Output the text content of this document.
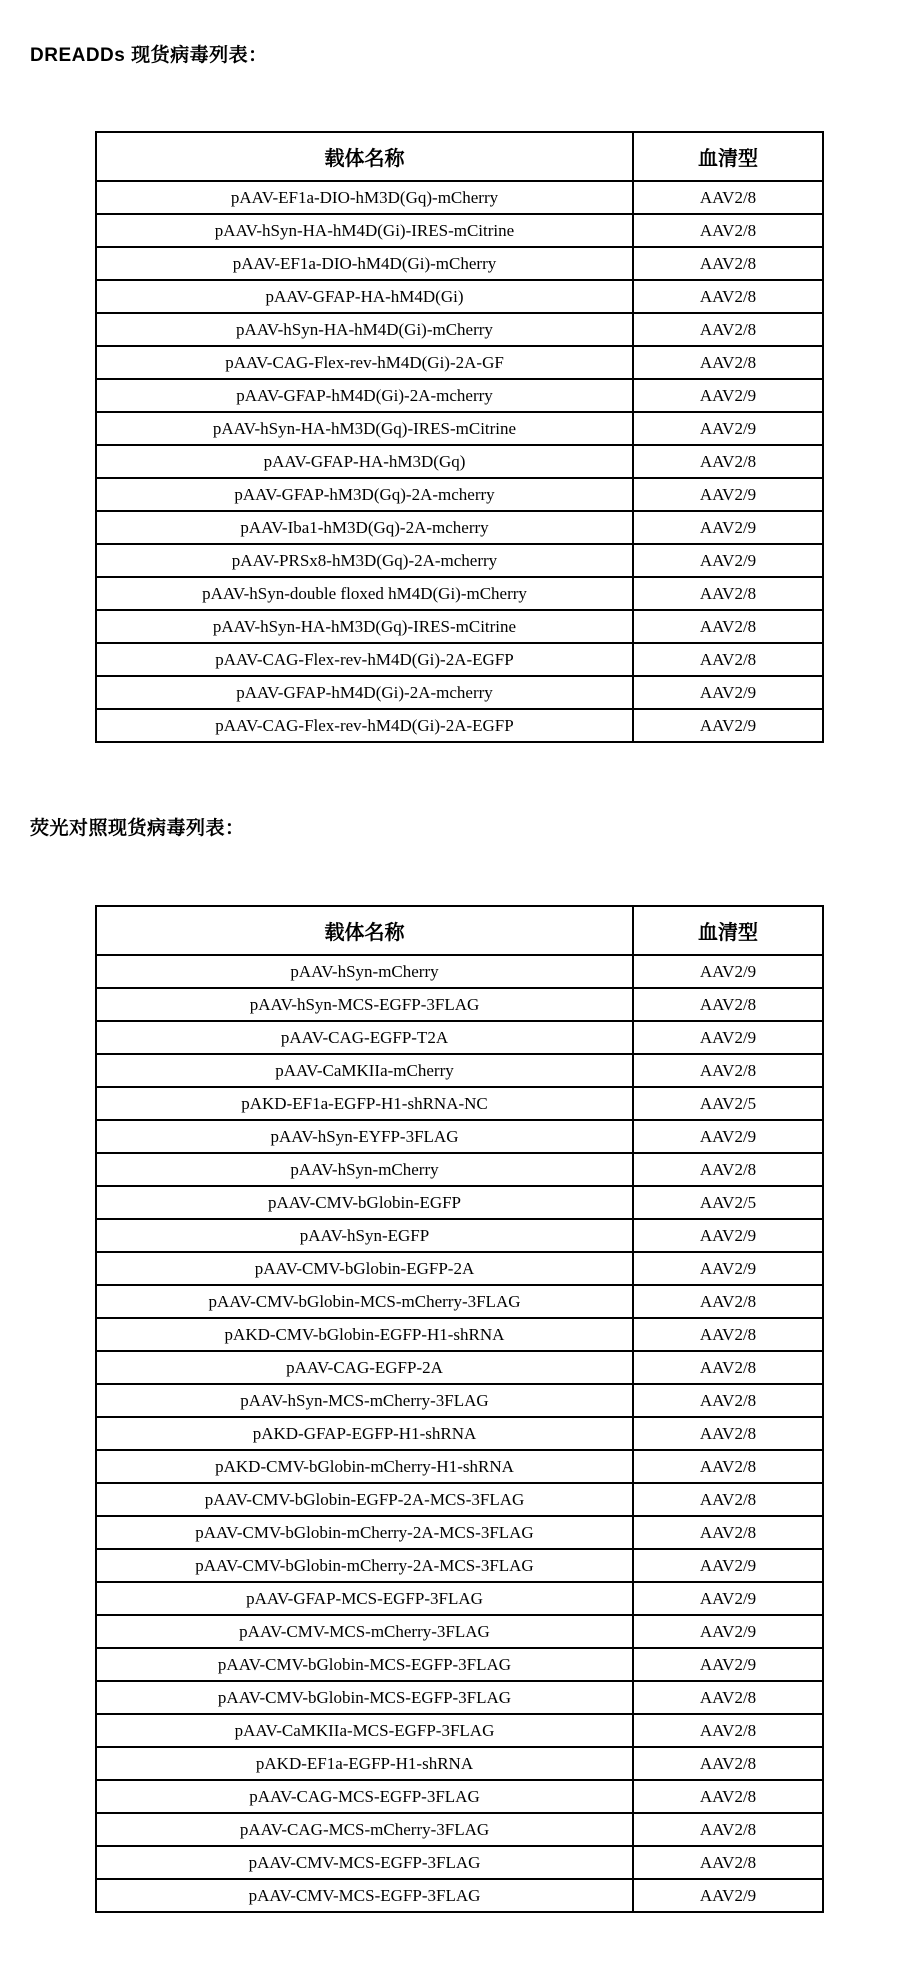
DREADDs 现货病毒列表：
载体名称	血清型
pAAV-EF1a-DIO-hM3D(Gq)-mCherry	AAV2/8
pAAV-hSyn-HA-hM4D(Gi)-IRES-mCitrine	AAV2/8
pAAV-EF1a-DIO-hM4D(Gi)-mCherry	AAV2/8
pAAV-GFAP-HA-hM4D(Gi)	AAV2/8
pAAV-hSyn-HA-hM4D(Gi)-mCherry	AAV2/8
pAAV-CAG-Flex-rev-hM4D(Gi)-2A-GF	AAV2/8
pAAV-GFAP-hM4D(Gi)-2A-mcherry	AAV2/9
pAAV-hSyn-HA-hM3D(Gq)-IRES-mCitrine	AAV2/9
pAAV-GFAP-HA-hM3D(Gq)	AAV2/8
pAAV-GFAP-hM3D(Gq)-2A-mcherry	AAV2/9
pAAV-Iba1-hM3D(Gq)-2A-mcherry	AAV2/9
pAAV-PRSx8-hM3D(Gq)-2A-mcherry	AAV2/9
pAAV-hSyn-double floxed hM4D(Gi)-mCherry	AAV2/8
pAAV-hSyn-HA-hM3D(Gq)-IRES-mCitrine	AAV2/8
pAAV-CAG-Flex-rev-hM4D(Gi)-2A-EGFP	AAV2/8
pAAV-GFAP-hM4D(Gi)-2A-mcherry	AAV2/9
pAAV-CAG-Flex-rev-hM4D(Gi)-2A-EGFP	AAV2/9
荧光对照现货病毒列表：
载体名称	血清型
pAAV-hSyn-mCherry	AAV2/9
pAAV-hSyn-MCS-EGFP-3FLAG	AAV2/8
pAAV-CAG-EGFP-T2A	AAV2/9
pAAV-CaMKIIa-mCherry	AAV2/8
pAKD-EF1a-EGFP-H1-shRNA-NC	AAV2/5
pAAV-hSyn-EYFP-3FLAG	AAV2/9
pAAV-hSyn-mCherry	AAV2/8
pAAV-CMV-bGlobin-EGFP	AAV2/5
pAAV-hSyn-EGFP	AAV2/9
pAAV-CMV-bGlobin-EGFP-2A	AAV2/9
pAAV-CMV-bGlobin-MCS-mCherry-3FLAG	AAV2/8
pAKD-CMV-bGlobin-EGFP-H1-shRNA	AAV2/8
pAAV-CAG-EGFP-2A	AAV2/8
pAAV-hSyn-MCS-mCherry-3FLAG	AAV2/8
pAKD-GFAP-EGFP-H1-shRNA	AAV2/8
pAKD-CMV-bGlobin-mCherry-H1-shRNA	AAV2/8
pAAV-CMV-bGlobin-EGFP-2A-MCS-3FLAG	AAV2/8
pAAV-CMV-bGlobin-mCherry-2A-MCS-3FLAG	AAV2/8
pAAV-CMV-bGlobin-mCherry-2A-MCS-3FLAG	AAV2/9
pAAV-GFAP-MCS-EGFP-3FLAG	AAV2/9
pAAV-CMV-MCS-mCherry-3FLAG	AAV2/9
pAAV-CMV-bGlobin-MCS-EGFP-3FLAG	AAV2/9
pAAV-CMV-bGlobin-MCS-EGFP-3FLAG	AAV2/8
pAAV-CaMKIIa-MCS-EGFP-3FLAG	AAV2/8
pAKD-EF1a-EGFP-H1-shRNA	AAV2/8
pAAV-CAG-MCS-EGFP-3FLAG	AAV2/8
pAAV-CAG-MCS-mCherry-3FLAG	AAV2/8
pAAV-CMV-MCS-EGFP-3FLAG	AAV2/8
pAAV-CMV-MCS-EGFP-3FLAG	AAV2/9
